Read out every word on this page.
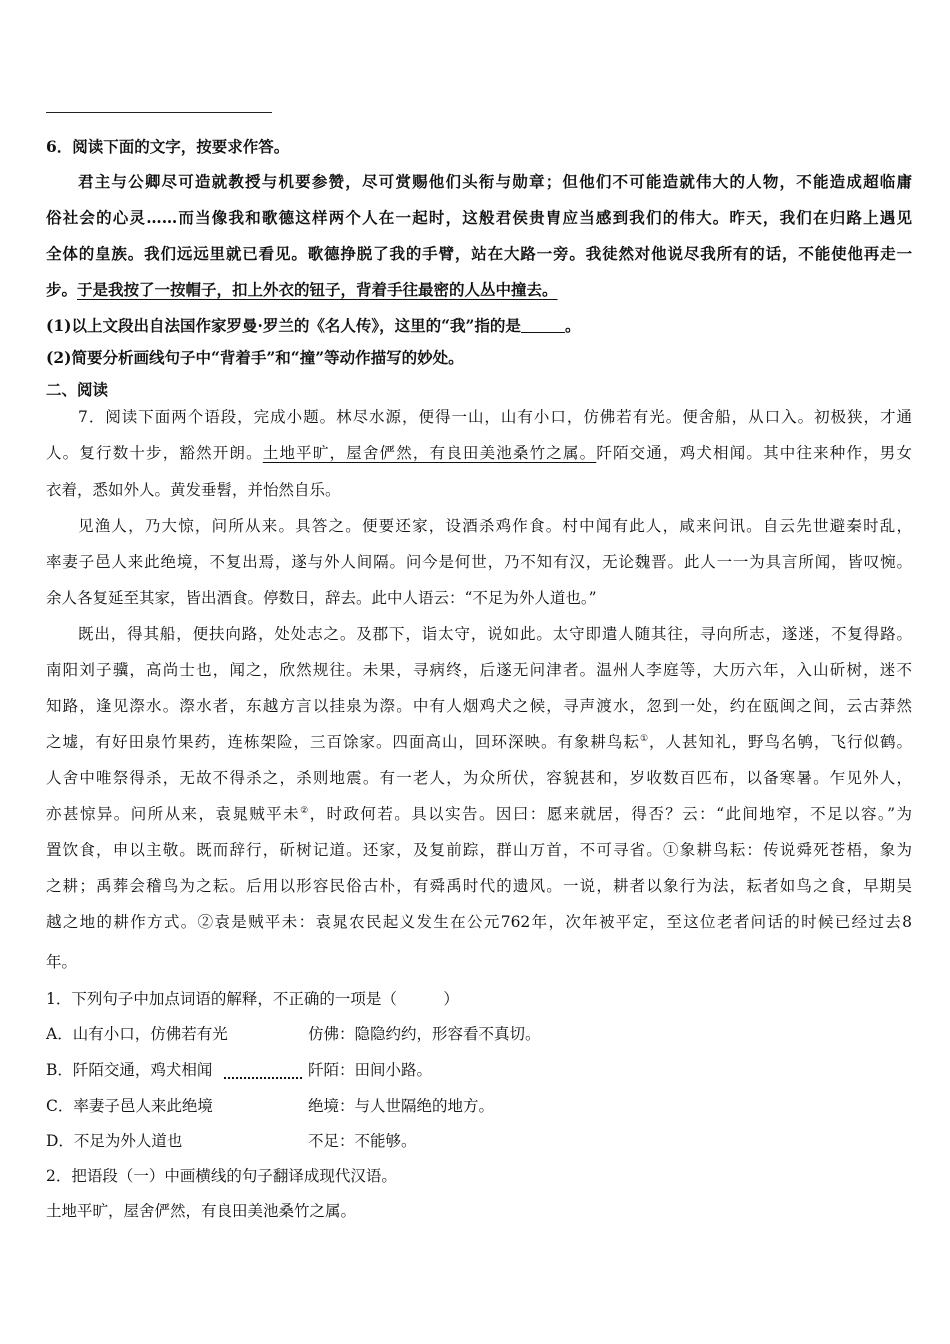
6．阅读下面的文字，按要求作答。
君主与公卿尽可造就教授与机要参赞，尽可赏赐他们头衔与勋章；但他们不可能造就伟大的人物，不能造成超临庸
俗社会的心灵……而当像我和歌德这样两个人在一起时，这般君侯贵胄应当感到我们的伟大。昨天，我们在归路上遇见
全体的皇族。我们远远里就已看见。歌德挣脱了我的手臂，站在大路一旁。我徒然对他说尽我所有的话，不能使他再走一
步。于是我按了一按帽子，扣上外衣的钮子，背着手往最密的人丛中撞去。
(1)以上文段出自法国作家罗曼·罗兰的《名人传》，这里的“我”指的是	。
(2)简要分析画线句子中“背着手”和“撞”等动作描写的妙处。
二、阅读
7．阅读下面两个语段，完成小题。林尽水源，便得一山，山有小口，仿佛若有光。便舍船，从口入。初极狭，才通
人。复行数十步，豁然开朗。土地平旷，屋舍俨然，有良田美池桑竹之属。阡陌交通，鸡犬相闻。其中往来种作，男女
衣着，悉如外人。黄发垂髫，并怡然自乐。
见渔人，乃大惊，问所从来。具答之。便要还家，设酒杀鸡作食。村中闻有此人，咸来问讯。自云先世避秦时乱，
率妻子邑人来此绝境，不复出焉，遂与外人间隔。问今是何世，乃不知有汉，无论魏晋。此人一一为具言所闻，皆叹惋。
余人各复延至其家，皆出酒食。停数日，辞去。此中人语云：“不足为外人道也。”
既出，得其船，便扶向路，处处志之。及郡下，诣太守，说如此。太守即遣人随其往，寻向所志，遂迷，不复得路。
南阳刘子骥，高尚士也，闻之，欣然规往。未果，寻病终，后遂无问津者。温州人李庭等，大历六年，入山斫树，迷不
知路，逢见漈水。漈水者，东越方言以挂泉为漈。中有人烟鸡犬之候，寻声渡水，忽到一处，约在瓯闽之间，云古莽然
之墟，有好田泉竹果药，连栋架险，三百馀家。四面高山，回环深映。有象耕鸟耘①，人甚知礼，野鸟名鸲，飞行似鹤。
人舍中唯祭得杀，无故不得杀之，杀则地震。有一老人，为众所伏，容貌甚和，岁收数百匹布，以备寒暑。乍见外人，
亦甚惊异。问所从来，袁晁贼平未②，时政何若。具以实告。因曰：愿来就居，得否？云：“此间地窄，不足以容。”为
置饮食，申以主敬。既而辞行，斫树记道。还家，及复前踪，群山万首，不可寻省。①象耕鸟耘：传说舜死苍梧，象为
之耕；禹葬会稽鸟为之耘。后用以形容民俗古朴，有舜禹时代的遗风。一说，耕者以象行为法，耘者如鸟之食，早期吴
越之地的耕作方式。②袁是贼平未：袁晁农民起义发生在公元762年，次年被平定，至这位老者问话的时候已经过去8
年。
1．下列句子中加点词语的解释，不正确的一项是（　　　）
A．山有小口，仿佛若有光	仿佛：隐隐约约，形容看不真切。
B．阡陌交通，鸡犬相闻	阡陌：田间小路。
C．率妻子邑人来此绝境	绝境：与人世隔绝的地方。
D．不足为外人道也	不足：不能够。
2．把语段（一）中画横线的句子翻译成现代汉语。
土地平旷，屋舍俨然，有良田美池桑竹之属。
